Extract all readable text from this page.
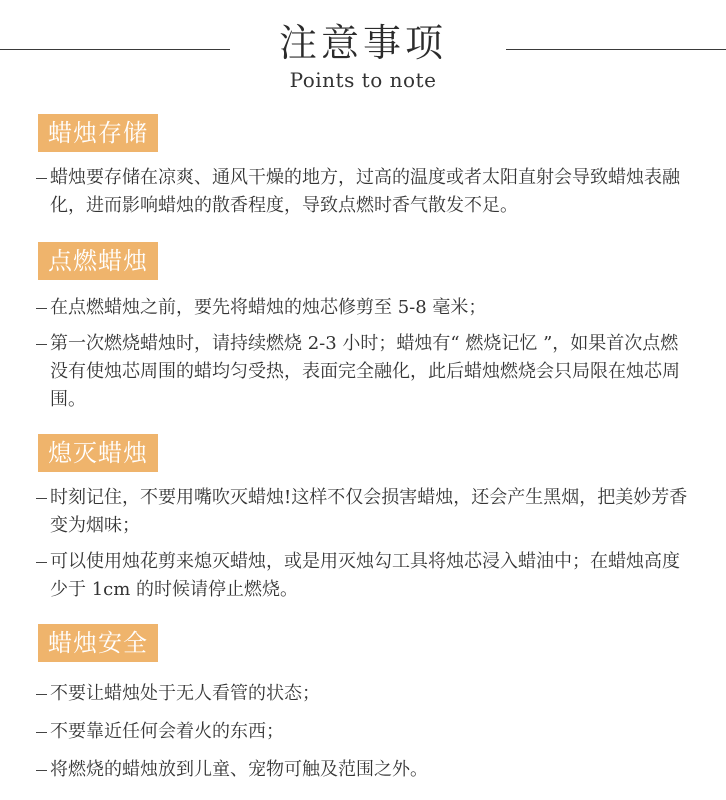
注意事项
Points to note
蜡烛存储
蜡烛要存储在凉爽、通风干燥的地方，过高的温度或者太阳直射会导致蜡烛表融化，进而影响蜡烛的散香程度，导致点燃时香气散发不足。
点燃蜡烛
在点燃蜡烛之前，要先将蜡烛的烛芯修剪至 5-8 毫米；
第一次燃烧蜡烛时，请持续燃烧 2-3 小时；蜡烛有“ 燃烧记忆 ”，如果首次点燃没有使烛芯周围的蜡均匀受热，表面完全融化，此后蜡烛燃烧会只局限在烛芯周围。
熄灭蜡烛
时刻记住，不要用嘴吹灭蜡烛!这样不仅会损害蜡烛，还会产生黑烟，把美妙芳香变为烟味；
可以使用烛花剪来熄灭蜡烛，或是用灭烛勾工具将烛芯浸入蜡油中；在蜡烛高度少于 1cm 的时候请停止燃烧。
蜡烛安全
不要让蜡烛处于无人看管的状态；
不要靠近任何会着火的东西；
将燃烧的蜡烛放到儿童、宠物可触及范围之外。
